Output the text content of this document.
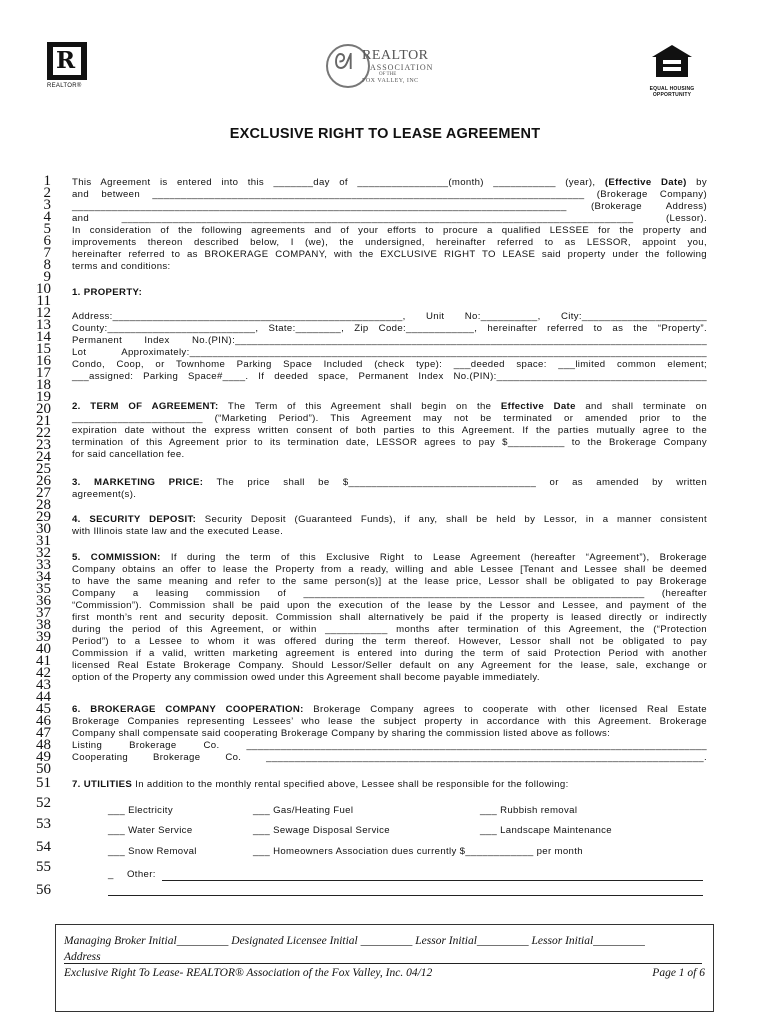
R
REALTOR®
ᘛ REALTOR
ASSOCIATION
OF THE
FOX VALLEY, INC
EQUAL HOUSING
OPPORTUNITY
EXCLUSIVE RIGHT TO LEASE AGREEMENT
1
2
3
4
5
6
7
8
9
10
11
12
13
14
15
16
17
18
19
20
21
22
23
24
25
26
27
28
29
30
31
32
33
34
35
36
37
38
39
40
41
42
43
44
45
46
47
48
49
50
51
52
53
54
55
56
This Agreement is entered into this _______day of ________________(month) ___________ (year), (Effective Date) by
and between ____________________________________________________________________________ (Brokerage Company)
_______________________________________________________________________________________ (Brokerage Address)
and __________________________________________________________________________________________ (Lessor).
In consideration of the following agreements and of your efforts to procure a qualified LESSEE for the property and
improvements thereon described below, I (we), the undersigned, hereinafter referred to as LESSOR, appoint you,
hereinafter referred to as BROKERAGE COMPANY, with the EXCLUSIVE RIGHT TO LEASE said property under the following
terms and conditions:
1. PROPERTY:
Address:___________________________________________________, Unit No:__________, City:______________________
County:__________________________, State:________, Zip Code:____________, hereinafter referred to as the “Property”.
Permanent Index No.(PIN):___________________________________________________________________________________
Lot Approximately:___________________________________________________________________________________________
Condo, Coop, or Townhome Parking Space Included (check type): ___deeded space: ___limited common element;
___assigned: Parking Space#____. If deeded space, Permanent Index No.(PIN):_____________________________________
2. TERM OF AGREEMENT: The Term of this Agreement shall begin on the Effective Date and shall terminate on
_______________________ (“Marketing Period”). This Agreement may not be terminated or amended prior to the
expiration date without the express written consent of both parties to this Agreement. If the parties mutually agree to the
termination of this Agreement prior to its termination date, LESSOR agrees to pay $__________ to the Brokerage Company
for said cancellation fee.
3. MARKETING PRICE: The price shall be $_________________________________ or as amended by written
agreement(s).
4. SECURITY DEPOSIT: Security Deposit (Guaranteed Funds), if any, shall be held by Lessor, in a manner consistent
with Illinois state law and the executed Lease.
5. COMMISSION: If during the term of this Exclusive Right to Lease Agreement (hereafter “Agreement”), Brokerage
Company obtains an offer to lease the Property from a ready, willing and able Lessee [Tenant and Lessee shall be deemed
to have the same meaning and refer to the same person(s)] at the lease price, Lessor shall be obligated to pay Brokerage
Company a leasing commission of ____________________________________________________________ (hereafter
“Commission”). Commission shall be paid upon the execution of the lease by the Lessor and Lessee, and payment of the
first month’s rent and security deposit. Commission shall alternatively be paid if the property is leased directly or indirectly
during the period of this Agreement, or within ___________ months after termination of this Agreement, the (“Protection
Period”) to a Lessee to whom it was offered during the term thereof. However, Lessor shall not be obligated to pay
Commission if a valid, written marketing agreement is entered into during the term of said Protection Period with another
licensed Real Estate Brokerage Company. Should Lessor/Seller default on any Agreement for the lease, sale, exchange or
option of the Property any commission owed under this Agreement shall become payable immediately.
6. BROKERAGE COMPANY COOPERATION: Brokerage Company agrees to cooperate with other licensed Real Estate
Brokerage Companies representing Lessees’ who lease the subject property in accordance with this Agreement. Brokerage
Company shall compensate said cooperating Brokerage Company by sharing the commission listed above as follows:
Listing Brokerage Co. _________________________________________________________________________________
Cooperating Brokerage Co. _____________________________________________________________________________.
7. UTILITIES In addition to the monthly rental specified above, Lessee shall be responsible for the following:
___ Electricity	___ Gas/Heating Fuel	___ Rubbish removal
___ Water Service	___ Sewage Disposal Service	___ Landscape Maintenance
___ Snow Removal	___ Homeowners Association dues currently $____________ per month
_ Other:
Managing Broker Initial_________ Designated Licensee Initial _________ Lessor Initial_________ Lessor Initial_________
Address
Exclusive Right To Lease- REALTOR® Association of the Fox Valley, Inc. 04/12	Page 1 of 6
